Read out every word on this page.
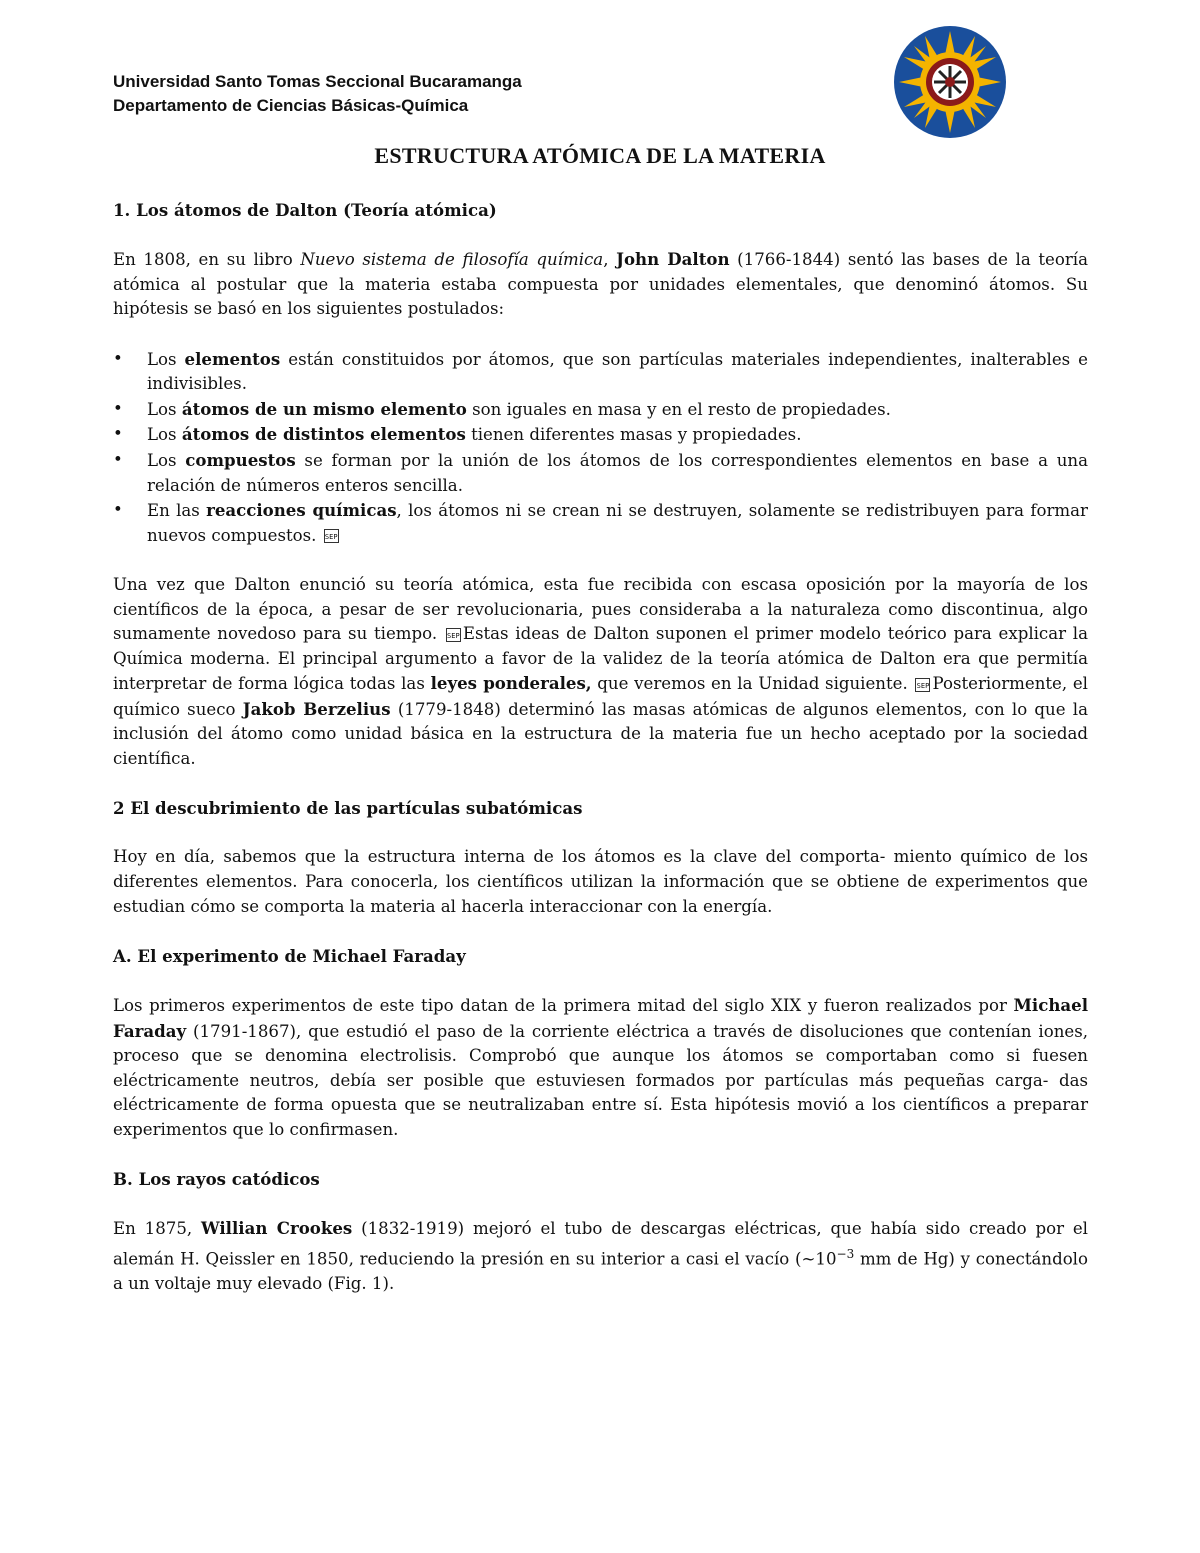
Universidad Santo Tomas Seccional Bucaramanga
Departamento de Ciencias Básicas-Química
ESTRUCTURA ATÓMICA DE LA MATERIA
1. Los átomos de Dalton (Teoría atómica)

En 1808, en su libro Nuevo sistema de filosofía química, John Dalton (1766-1844) sentó las bases de la teoría atómica al postular que la materia estaba compuesta por unidades elementales, que denominó átomos. Su hipótesis se basó en los siguientes postulados:

• Los elementos están constituidos por átomos, que son partículas materiales independientes, inalterables e indivisibles.
• Los átomos de un mismo elemento son iguales en masa y en el resto de propiedades.
• Los átomos de distintos elementos tienen diferentes masas y propiedades.
• Los compuestos se forman por la unión de los átomos de los correspondientes elementos en base a una relación de números enteros sencilla.
• En las reacciones químicas, los átomos ni se crean ni se destruyen, solamente se redistribuyen para formar nuevos compuestos. SEP

Una vez que Dalton enunció su teoría atómica, esta fue recibida con escasa oposición por la mayoría de los científicos de la época, a pesar de ser revolucionaria, pues consideraba a la naturaleza como discontinua, algo sumamente novedoso para su tiempo. SEP Estas ideas de Dalton suponen el primer modelo teórico para explicar la Química moderna. El principal argumento a favor de la validez de la teoría atómica de Dalton era que permitía interpretar de forma lógica todas las leyes ponderales, que veremos en la Unidad siguiente. SEP Posteriormente, el químico sueco Jakob Berzelius (1779-1848) determinó las masas atómicas de algunos elementos, con lo que la inclusión del átomo como unidad básica en la estructura de la materia fue un hecho aceptado por la sociedad científica.

2 El descubrimiento de las partículas subatómicas

Hoy en día, sabemos que la estructura interna de los átomos es la clave del comporta- miento químico de los diferentes elementos. Para conocerla, los científicos utilizan la información que se obtiene de experimentos que estudian cómo se comporta la materia al hacerla interaccionar con la energía.

A. El experimento de Michael Faraday

Los primeros experimentos de este tipo datan de la primera mitad del siglo XIX y fueron realizados por Michael Faraday (1791-1867), que estudió el paso de la corriente eléctrica a través de disoluciones que contenían iones, proceso que se denomina electrolisis. Comprobó que aunque los átomos se comportaban como si fuesen eléctricamente neutros, debía ser posible que estuviesen formados por partículas más pequeñas carga- das eléctricamente de forma opuesta que se neutralizaban entre sí. Esta hipótesis movió a los científicos a preparar experimentos que lo confirmasen.

B. Los rayos catódicos

En 1875, Willian Crookes (1832-1919) mejoró el tubo de descargas eléctricas, que había sido creado por el alemán H. Qeissler en 1850, reduciendo la presión en su interior a casi el vacío ($\sim 10^{-3}$ mm de Hg) y conectándolo a un voltaje muy elevado (Fig. 1).
